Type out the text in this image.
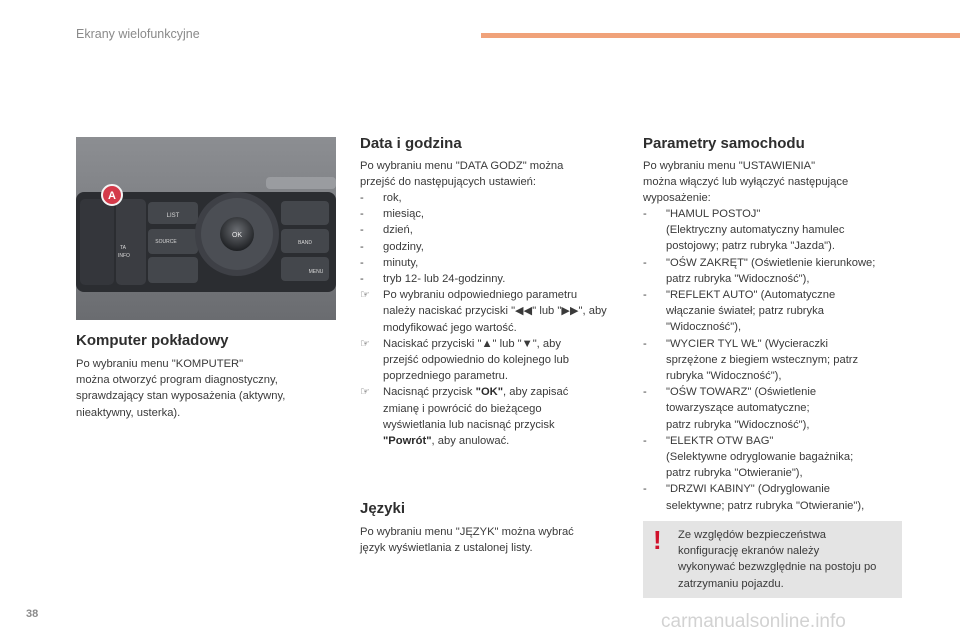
Ekrany wielofunkcyjne
LIST
SOURCE
OK
BAND
MENU
TA
INFO
A
Komputer pokładowy

Po wybraniu menu "KOMPUTER"
można otworzyć program diagnostyczny,
sprawdzający stan wyposażenia (aktywny,
nieaktywny, usterka).

Data i godzina

Po wybraniu menu "DATA GODZ" można
przejść do następujących ustawień:

- rok,
- miesiąc,
- dzień,
- godziny,
- minuty,
- tryb 12- lub 24-godzinny.
☞ Po wybraniu odpowiedniego parametru
należy naciskać przyciski "◀◀" lub "▶▶", aby
modyfikować jego wartość.
☞ Naciskać przyciski "▲" lub "▼", aby
przejść odpowiednio do kolejnego lub
poprzedniego parametru.
☞ Nacisnąć przycisk "OK", aby zapisać
zmianę i powrócić do bieżącego
wyświetlania lub nacisnąć przycisk
"Powrót", aby anulować.
Języki

Po wybraniu menu "JĘZYK" można wybrać
język wyświetlania z ustalonej listy.

Parametry samochodu

Po wybraniu menu "USTAWIENIA"
można włączyć lub wyłączyć następujące
wyposażenie:

- "HAMUL POSTOJ"
(Elektryczny automatyczny hamulec
postojowy; patrz rubryka "Jazda").
- "OŚW ZAKRĘT" (Oświetlenie kierunkowe;
patrz rubryka "Widoczność"),
- "REFLEKT AUTO" (Automatyczne
włączanie świateł; patrz rubryka
"Widoczność"),
- "WYCIER TYL WŁ" (Wycieraczki
sprzężone z biegiem wstecznym; patrz
rubryka "Widoczność"),
- "OŚW TOWARZ" (Oświetlenie
towarzyszące automatyczne;
patrz rubryka "Widoczność"),
- "ELEKTR OTW BAG"
(Selektywne odryglowanie bagażnika;
patrz rubryka "Otwieranie"),
- "DRZWI KABINY" (Odryglowanie
selektywne; patrz rubryka "Otwieranie"),
! Ze względów bezpieczeństwa
konfigurację ekranów należy
wykonywać bezwzględnie na postoju po
zatrzymaniu pojazdu.
38	carmanualsonline.info
